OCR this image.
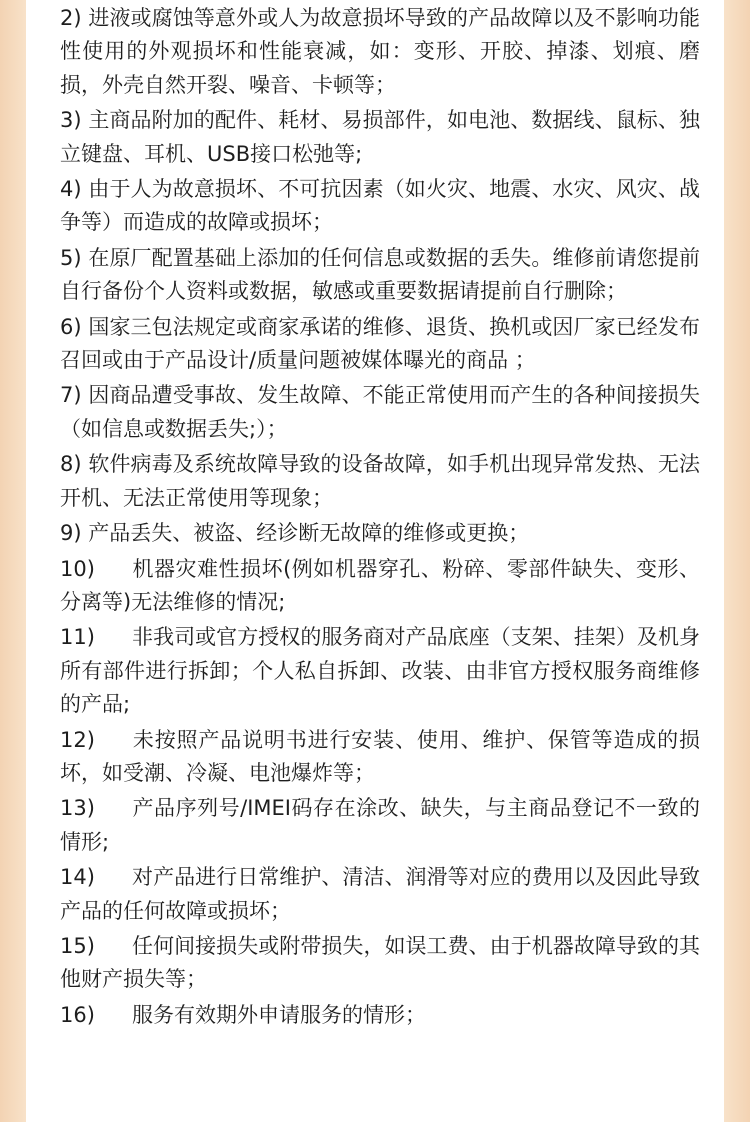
2) 进液或腐蚀等意外或人为故意损坏导致的产品故障以及不影响功能性使用的外观损坏和性能衰减，如：变形、开胶、掉漆、划痕、磨损，外壳自然开裂、噪音、卡顿等；

3) 主商品附加的配件、耗材、易损部件，如电池、数据线、鼠标、独立键盘、耳机、USB接口松弛等;

4) 由于人为故意损坏、不可抗因素（如火灾、地震、水灾、风灾、战争等）而造成的故障或损坏；

5) 在原厂配置基础上添加的任何信息或数据的丢失。维修前请您提前自行备份个人资料或数据，敏感或重要数据请提前自行删除；

6) 国家三包法规定或商家承诺的维修、退货、换机或因厂家已经发布召回或由于产品设计/质量问题被媒体曝光的商品 ；

7) 因商品遭受事故、发生故障、不能正常使用而产生的各种间接损失（如信息或数据丢失;）；

8) 软件病毒及系统故障导致的设备故障，如手机出现异常发热、无法开机、无法正常使用等现象；

9) 产品丢失、被盗、经诊断无故障的维修或更换；

10) 机器灾难性损坏(例如机器穿孔、粉碎、零部件缺失、变形、分离等)无法维修的情况;

11) 非我司或官方授权的服务商对产品底座（支架、挂架）及机身所有部件进行拆卸；个人私自拆卸、改装、由非官方授权服务商维修的产品;

12) 未按照产品说明书进行安装、使用、维护、保管等造成的损坏，如受潮、冷凝、电池爆炸等；

13) 产品序列号/IMEI码存在涂改、缺失，与主商品登记不一致的情形;

14) 对产品进行日常维护、清洁、润滑等对应的费用以及因此导致产品的任何故障或损坏；

15) 任何间接损失或附带损失，如误工费、由于机器故障导致的其他财产损失等；

16) 服务有效期外申请服务的情形；
